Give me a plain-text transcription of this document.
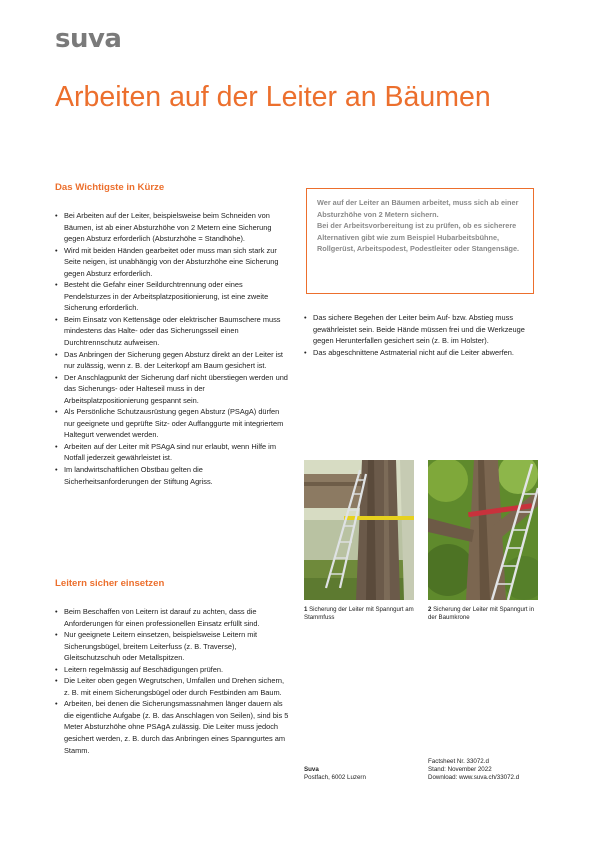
suva
Arbeiten auf der Leiter an Bäumen
Das Wichtigste in Kürze
• Bei Arbeiten auf der Leiter, beispielsweise beim Schneiden von Bäumen, ist ab einer Absturzhöhe von 2 Metern eine Sicherung gegen Absturz erforderlich (Absturzhöhe = Standhöhe).
• Wird mit beiden Händen gearbeitet oder muss man sich stark zur Seite neigen, ist unabhängig von der Absturzhöhe eine Sicherung gegen Absturz erforderlich.
• Besteht die Gefahr einer Seildurchtrennung oder eines Pendelsturzes in der Arbeitsplatzpositionierung, ist eine zweite Sicherung erforderlich.
• Beim Einsatz von Kettensäge oder elektrischer Baumschere muss mindestens das Halte- oder das Sicherungsseil einen Durchtrennschutz aufweisen.
• Das Anbringen der Sicherung gegen Absturz direkt an der Leiter ist nur zulässig, wenn z. B. der Leiterkopf am Baum gesichert ist.
• Der Anschlagpunkt der Sicherung darf nicht überstiegen werden und das Sicherungs- oder Halteseil muss in der Arbeitsplatzpositionierung gespannt sein.
• Als Persönliche Schutzausrüstung gegen Absturz (PSAgA) dürfen nur geeignete und geprüfte Sitz- oder Auffanggurte mit integriertem Haltegurt verwendet werden.
• Arbeiten auf der Leiter mit PSAgA sind nur erlaubt, wenn Hilfe im Notfall jederzeit gewährleistet ist.
• Im landwirtschaftlichen Obstbau gelten die Sicherheitsanforderungen der Stiftung Agriss.
Leitern sicher einsetzen
• Beim Beschaffen von Leitern ist darauf zu achten, dass die Anforderungen für einen professionellen Einsatz erfüllt sind.
• Nur geeignete Leitern einsetzen, beispielsweise Leitern mit Sicherungsbügel, breitem Leiterfuss (z. B. Traverse), Gleitschutzschuh oder Metallspitzen.
• Leitern regelmässig auf Beschädigungen prüfen.
• Die Leiter oben gegen Wegrutschen, Umfallen und Drehen sichern, z. B. mit einem Sicherungsbügel oder durch Festbinden am Baum.
• Arbeiten, bei denen die Sicherungsmassnahmen länger dauern als die eigentliche Aufgabe (z. B. das Anschlagen von Seilen), sind bis 5 Meter Absturzhöhe ohne PSAgA zulässig. Die Leiter muss jedoch gesichert werden, z. B. durch das Anbringen eines Spanngurtes am Stamm.

Wer auf der Leiter an Bäumen arbeitet, muss sich ab einer Absturzhöhe von 2 Metern sichern.

Bei der Arbeitsvorbereitung ist zu prüfen, ob es sicherere Alternativen gibt wie zum Beispiel Hubarbeitsbühne, Rollgerüst, Arbeitspodest, Podestleiter oder Stangensäge.

• Das sichere Begehen der Leiter beim Auf- bzw. Abstieg muss gewährleistet sein. Beide Hände müssen frei und die Werkzeuge gegen Herunterfallen gesichert sein (z. B. im Holster).
• Das abgeschnittene Astmaterial nicht auf die Leiter abwerfen.
1 Sicherung der Leiter mit Spanngurt am Stammfuss
2 Sicherung der Leiter mit Spanngurt in der Baumkrone
Suva
Postfach, 6002 Luzern
Factsheet Nr. 33072.d
Stand: November 2022
Download: www.suva.ch/33072.d
